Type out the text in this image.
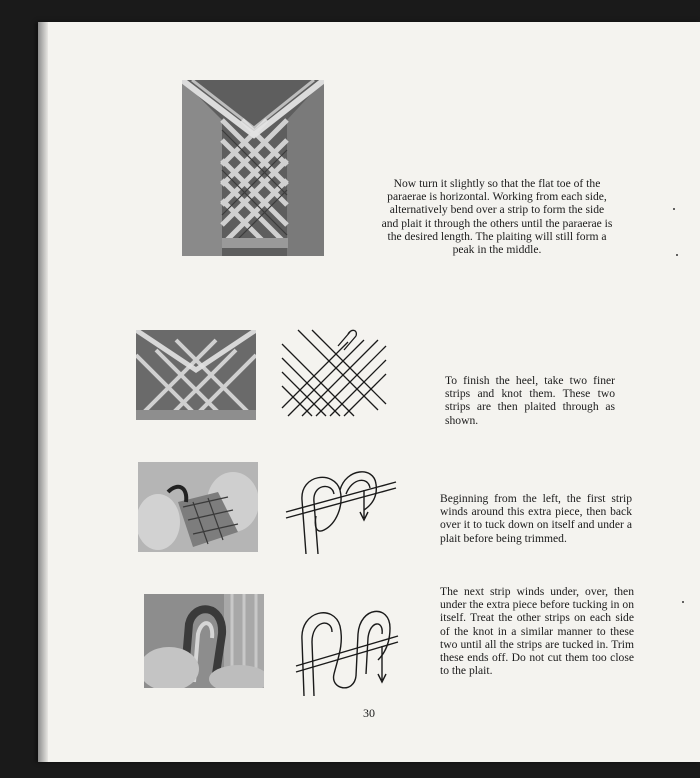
Now turn it slightly so that the flat toe of the paraerae is horizontal. Working from each side, alternatively bend over a strip to form the side and plait it through the others until the paraerae is the desired length. The plaiting will still form a peak in the middle.

To finish the heel, take two finer strips and knot them. These two strips are then plaited through as shown.

Beginning from the left, the first strip winds around this extra piece, then back over it to tuck down on itself and under a plait before being trimmed.

The next strip winds under, over, then under the extra piece before tucking in on itself. Treat the other strips on each side of the knot in a similar manner to these two until all the strips are tucked in. Trim these ends off. Do not cut them too close to the plait.

30
